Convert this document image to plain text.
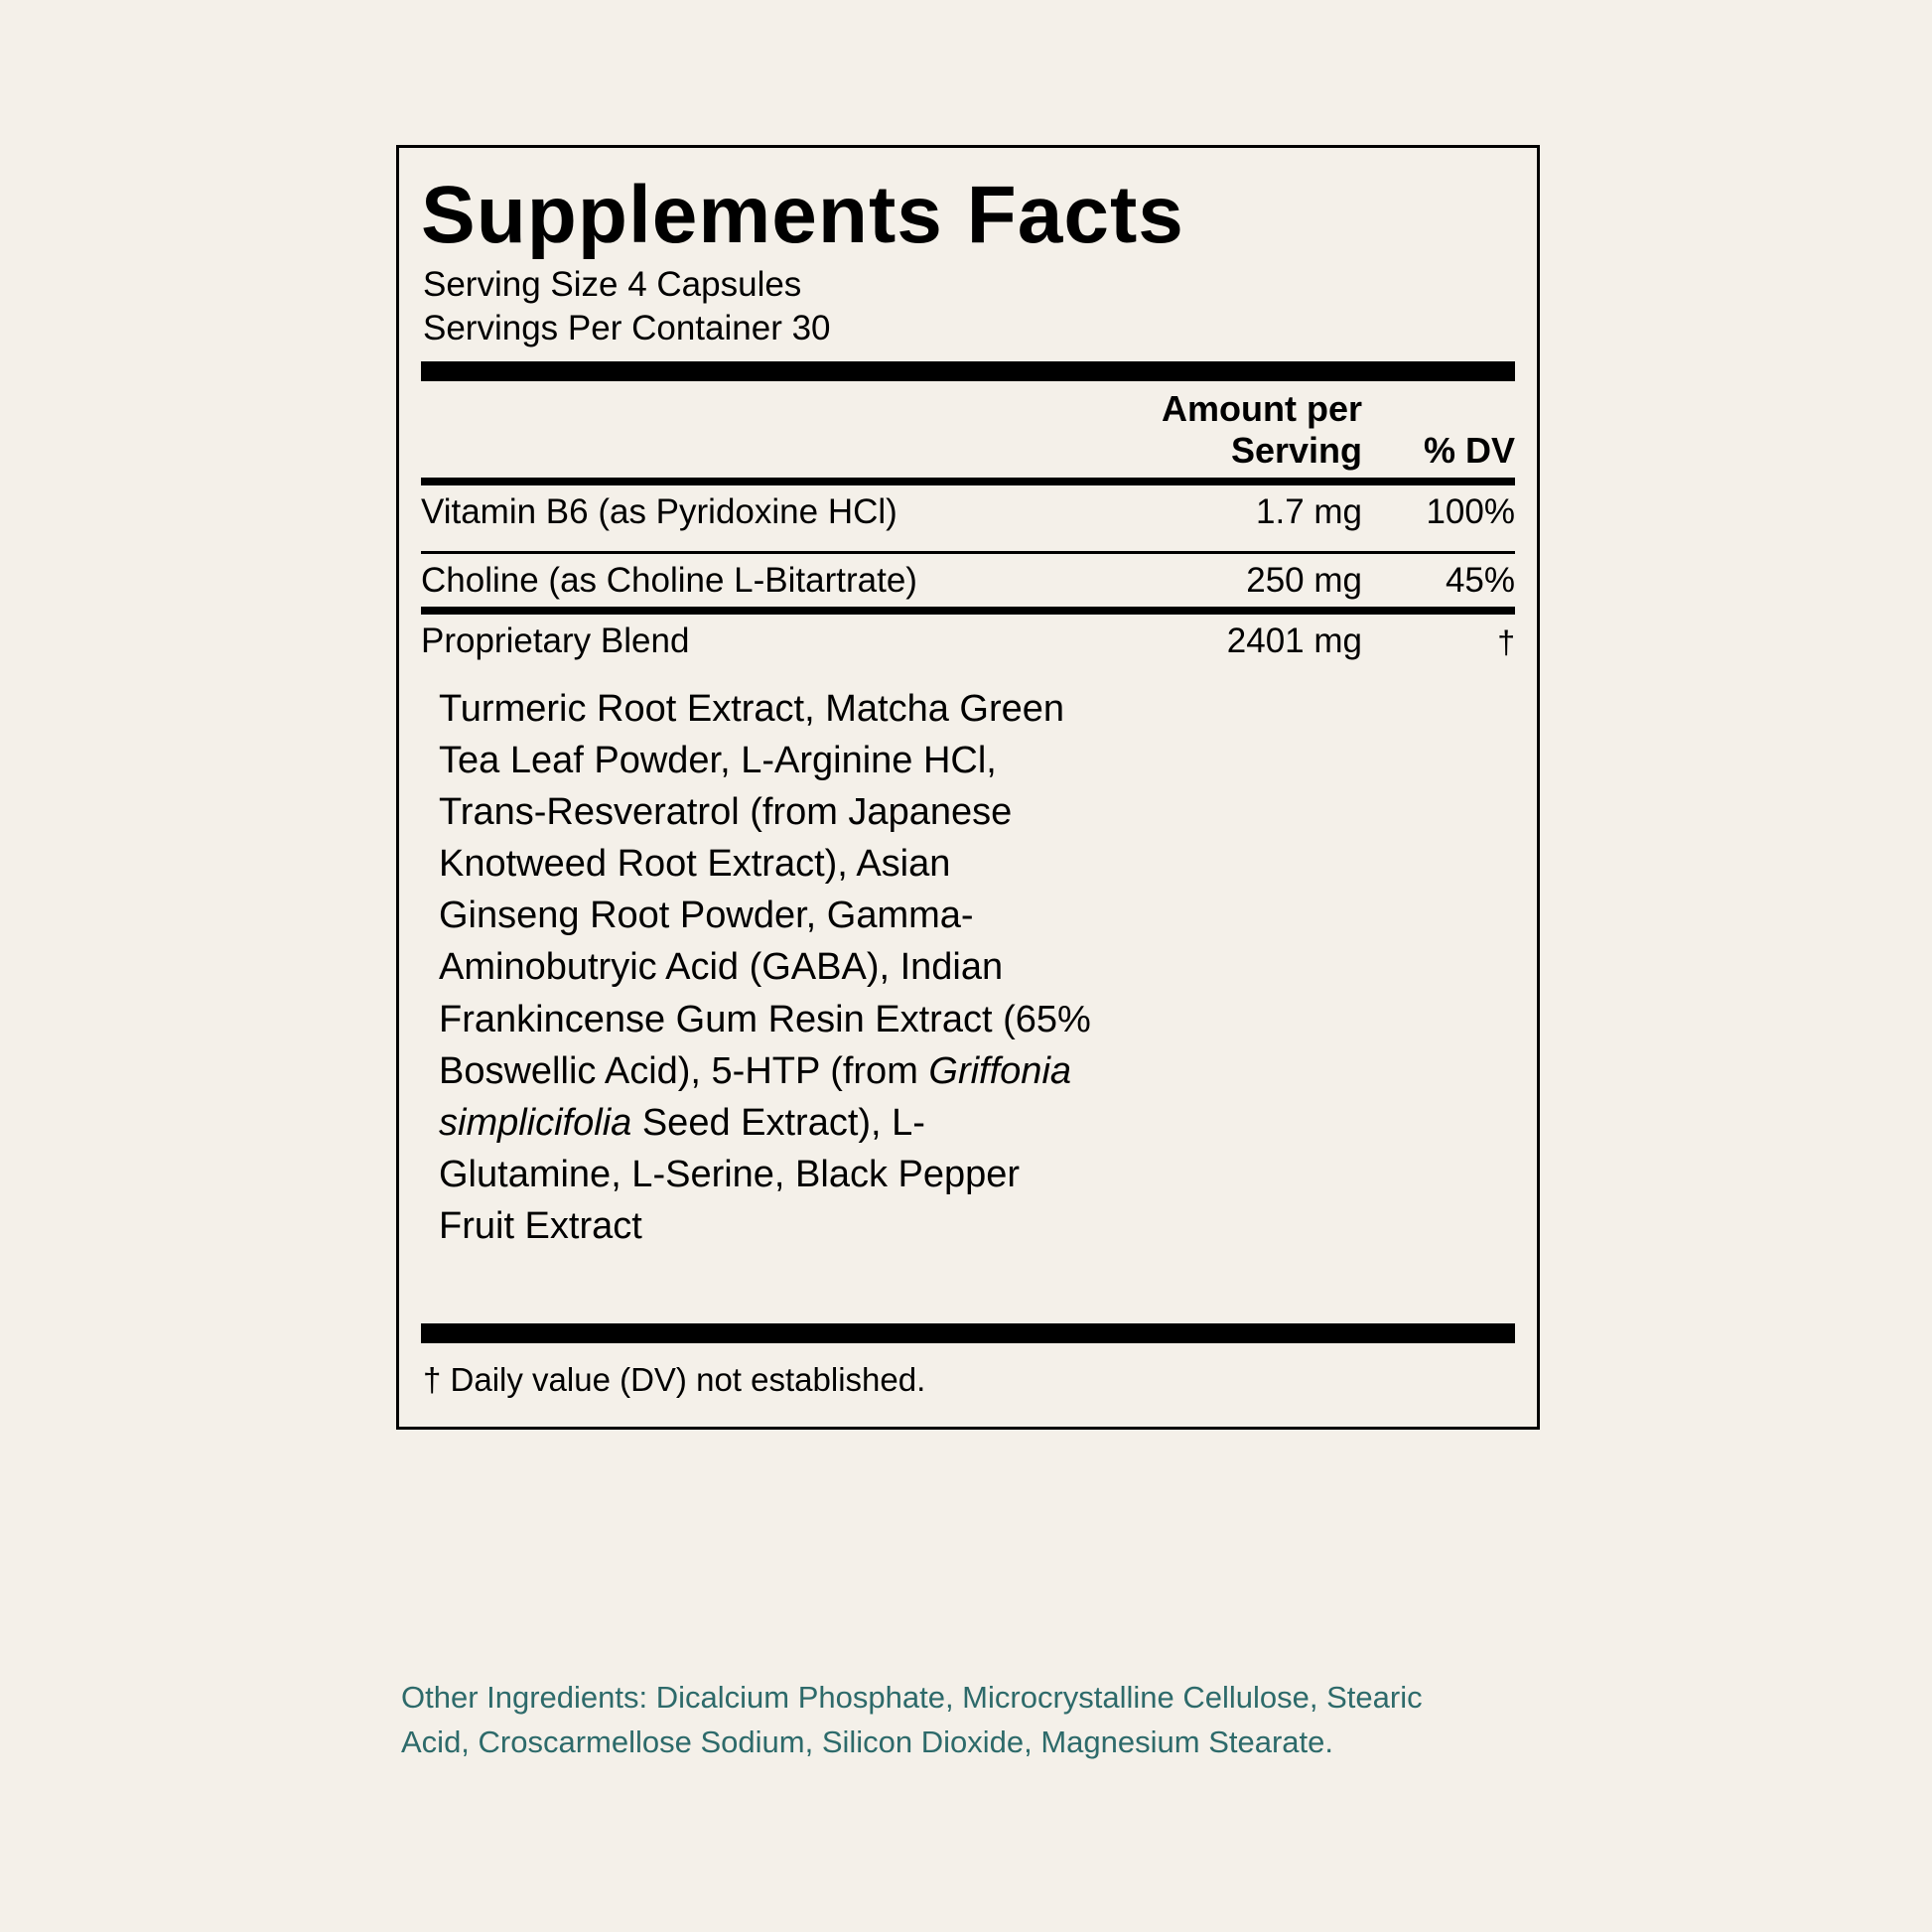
Supplements Facts
Serving Size 4 Capsules
Servings Per Container 30
	Amount per Serving	% DV
Vitamin B6 (as Pyridoxine HCl)	1.7 mg	100%

Choline (as Choline L-Bitartrate)	250 mg	45%
Proprietary Blend	2401 mg	†
Turmeric Root Extract, Matcha Green Tea Leaf Powder, L-Arginine HCl, Trans-Resveratrol (from Japanese Knotweed Root Extract), Asian Ginseng Root Powder, Gamma-Aminobutryic Acid (GABA), Indian Frankincense Gum Resin Extract (65% Boswellic Acid), 5-HTP (from Griffonia simplicifolia Seed Extract), L-Glutamine, L-Serine, Black Pepper Fruit Extract
† Daily value (DV) not established.
Other Ingredients: Dicalcium Phosphate, Microcrystalline Cellulose, Stearic Acid, Croscarmellose Sodium, Silicon Dioxide, Magnesium Stearate.
